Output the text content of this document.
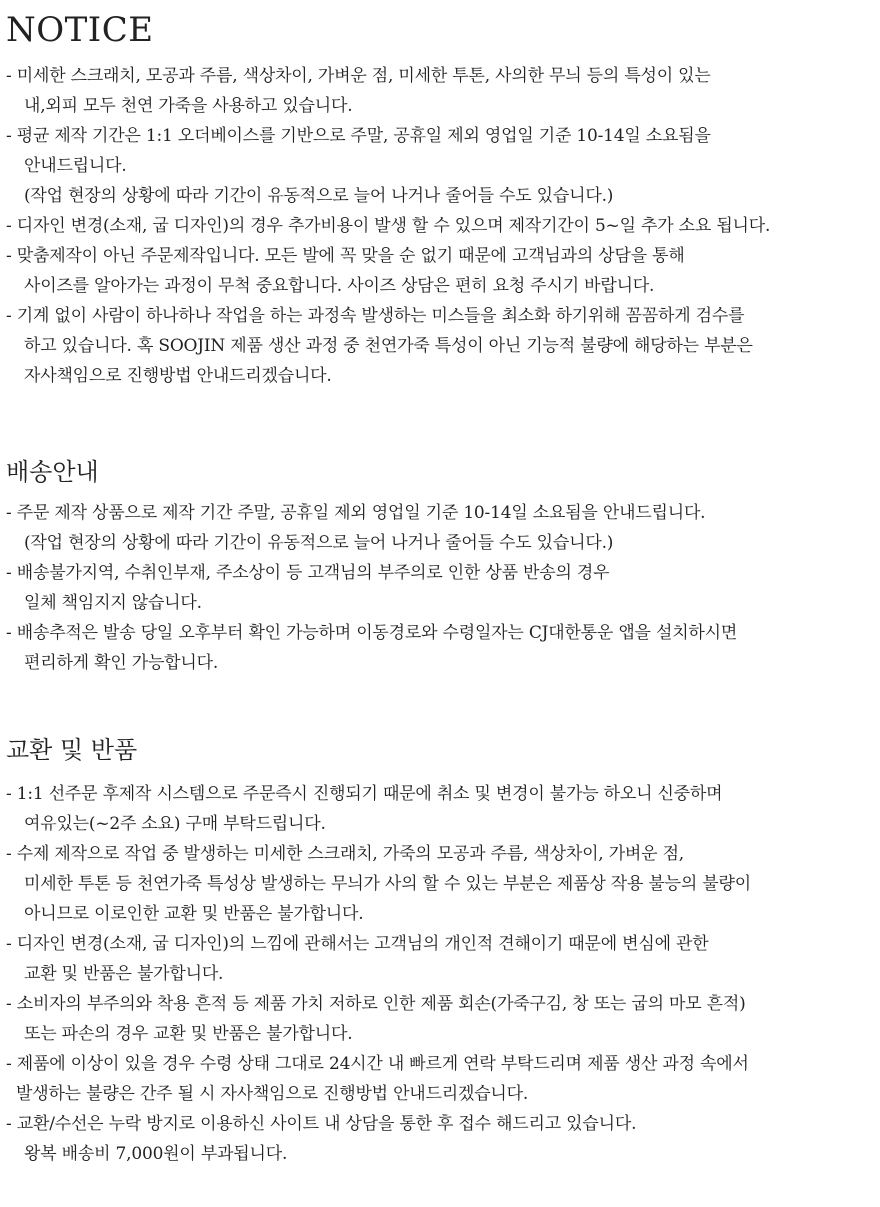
NOTICE
- 미세한 스크래치, 모공과 주름, 색상차이, 가벼운 점, 미세한 투톤, 사의한 무늬 등의 특성이 있는
내,외피 모두 천연 가죽을 사용하고 있습니다.
- 평균 제작 기간은 1:1 오더베이스를 기반으로 주말, 공휴일 제외 영업일 기준 10-14일 소요됨을
안내드립니다.
(작업 현장의 상황에 따라 기간이 유동적으로 늘어 나거나 줄어들 수도 있습니다.)
- 디자인 변경(소재, 굽 디자인)의 경우 추가비용이 발생 할 수 있으며 제작기간이 5~일 추가 소요 됩니다.
- 맞춤제작이 아닌 주문제작입니다. 모든 발에 꼭 맞을 순 없기 때문에 고객님과의 상담을 통해
사이즈를 알아가는 과정이 무척 중요합니다. 사이즈 상담은 편히 요청 주시기 바랍니다.
- 기계 없이 사람이 하나하나 작업을 하는 과정속 발생하는 미스들을 최소화 하기위해 꼼꼼하게 검수를
하고 있습니다. 혹 SOOJIN 제품 생산 과정 중 천연가죽 특성이 아닌 기능적 불량에 해당하는 부분은
자사책임으로 진행방법 안내드리겠습니다.
배송안내
- 주문 제작 상품으로 제작 기간 주말, 공휴일 제외 영업일 기준 10-14일 소요됨을 안내드립니다.
(작업 현장의 상황에 따라 기간이 유동적으로 늘어 나거나 줄어들 수도 있습니다.)
- 배송불가지역, 수취인부재, 주소상이 등 고객님의 부주의로 인한 상품 반송의 경우
일체 책임지지 않습니다.
- 배송추적은 발송 당일 오후부터 확인 가능하며 이동경로와 수령일자는 CJ대한통운 앱을 설치하시면
편리하게 확인 가능합니다.
교환 및 반품
- 1:1 선주문 후제작 시스템으로 주문즉시 진행되기 때문에 취소 및 변경이 불가능 하오니 신중하며
여유있는(~2주 소요) 구매 부탁드립니다.
- 수제 제작으로 작업 중 발생하는 미세한 스크래치, 가죽의 모공과 주름, 색상차이, 가벼운 점,
미세한 투톤 등 천연가죽 특성상 발생하는 무늬가 사의 할 수 있는 부분은 제품상 작용 불능의 불량이
아니므로 이로인한 교환 및 반품은 불가합니다.
- 디자인 변경(소재, 굽 디자인)의 느낌에 관해서는 고객님의 개인적 견해이기 때문에 변심에 관한
교환 및 반품은 불가합니다.
- 소비자의 부주의와 착용 흔적 등 제품 가치 저하로 인한 제품 회손(가죽구김, 창 또는 굽의 마모 흔적)
또는 파손의 경우 교환 및 반품은 불가합니다.
- 제품에 이상이 있을 경우 수령 상태 그대로 24시간 내 빠르게 연락 부탁드리며 제품 생산 과정 속에서
발생하는 불량은 간주 될 시 자사책임으로 진행방법 안내드리겠습니다.
- 교환/수선은 누락 방지로 이용하신 사이트 내 상담을 통한 후 접수 해드리고 있습니다.
왕복 배송비 7,000원이 부과됩니다.
